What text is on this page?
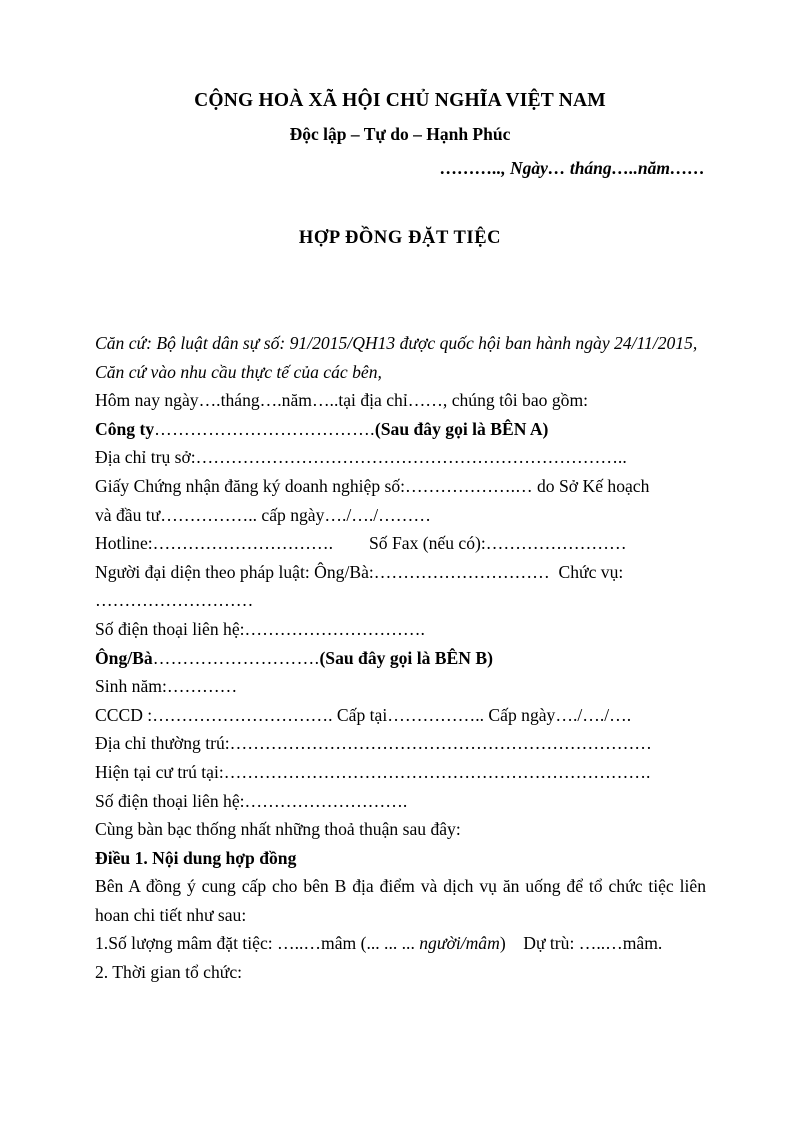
CỘNG HOÀ XÃ HỘI CHỦ NGHĨA VIỆT NAM
Độc lập – Tự do – Hạnh Phúc
……….., Ngày… tháng…..năm……
HỢP ĐỒNG ĐẶT TIỆC
Căn cứ: Bộ luật dân sự số: 91/2015/QH13 được quốc hội ban hành ngày 24/11/2015,
Căn cứ vào nhu cầu thực tế của các bên,
Hôm nay ngày….tháng….năm…..tại địa chỉ……, chúng tôi bao gồm:
Công ty……………………………….(Sau đây gọi là BÊN A)
Địa chỉ trụ sở:………………………………………………………………..
Giấy Chứng nhận đăng ký doanh nghiệp số:……………….… do Sở Kế hoạch
và đầu tư…………….. cấp ngày…./…./………
Hotline:…………………………. Số Fax (nếu có):……………………
Người đại diện theo pháp luật: Ông/Bà:…………………………  Chức vụ:
………………………
Số điện thoại liên hệ:………………………….
Ông/Bà……………………….(Sau đây gọi là BÊN B)
Sinh năm:…………
CCCD :…………………………. Cấp tại…………….. Cấp ngày…./…./….
Địa chỉ thường trú:………………………………………………………………
Hiện tại cư trú tại:……………………………………………………………….
Số điện thoại liên hệ:……………………….
Cùng bàn bạc thống nhất những thoả thuận sau đây:
Điều 1. Nội dung hợp đồng
Bên A đồng ý cung cấp cho bên B địa điểm và dịch vụ ăn uống để tổ chức tiệc liên hoan chi tiết như sau:
1.Số lượng mâm đặt tiệc: …..…mâm (... ... ... người/mâm)    Dự trù: …..…mâm.
2. Thời gian tổ chức:
